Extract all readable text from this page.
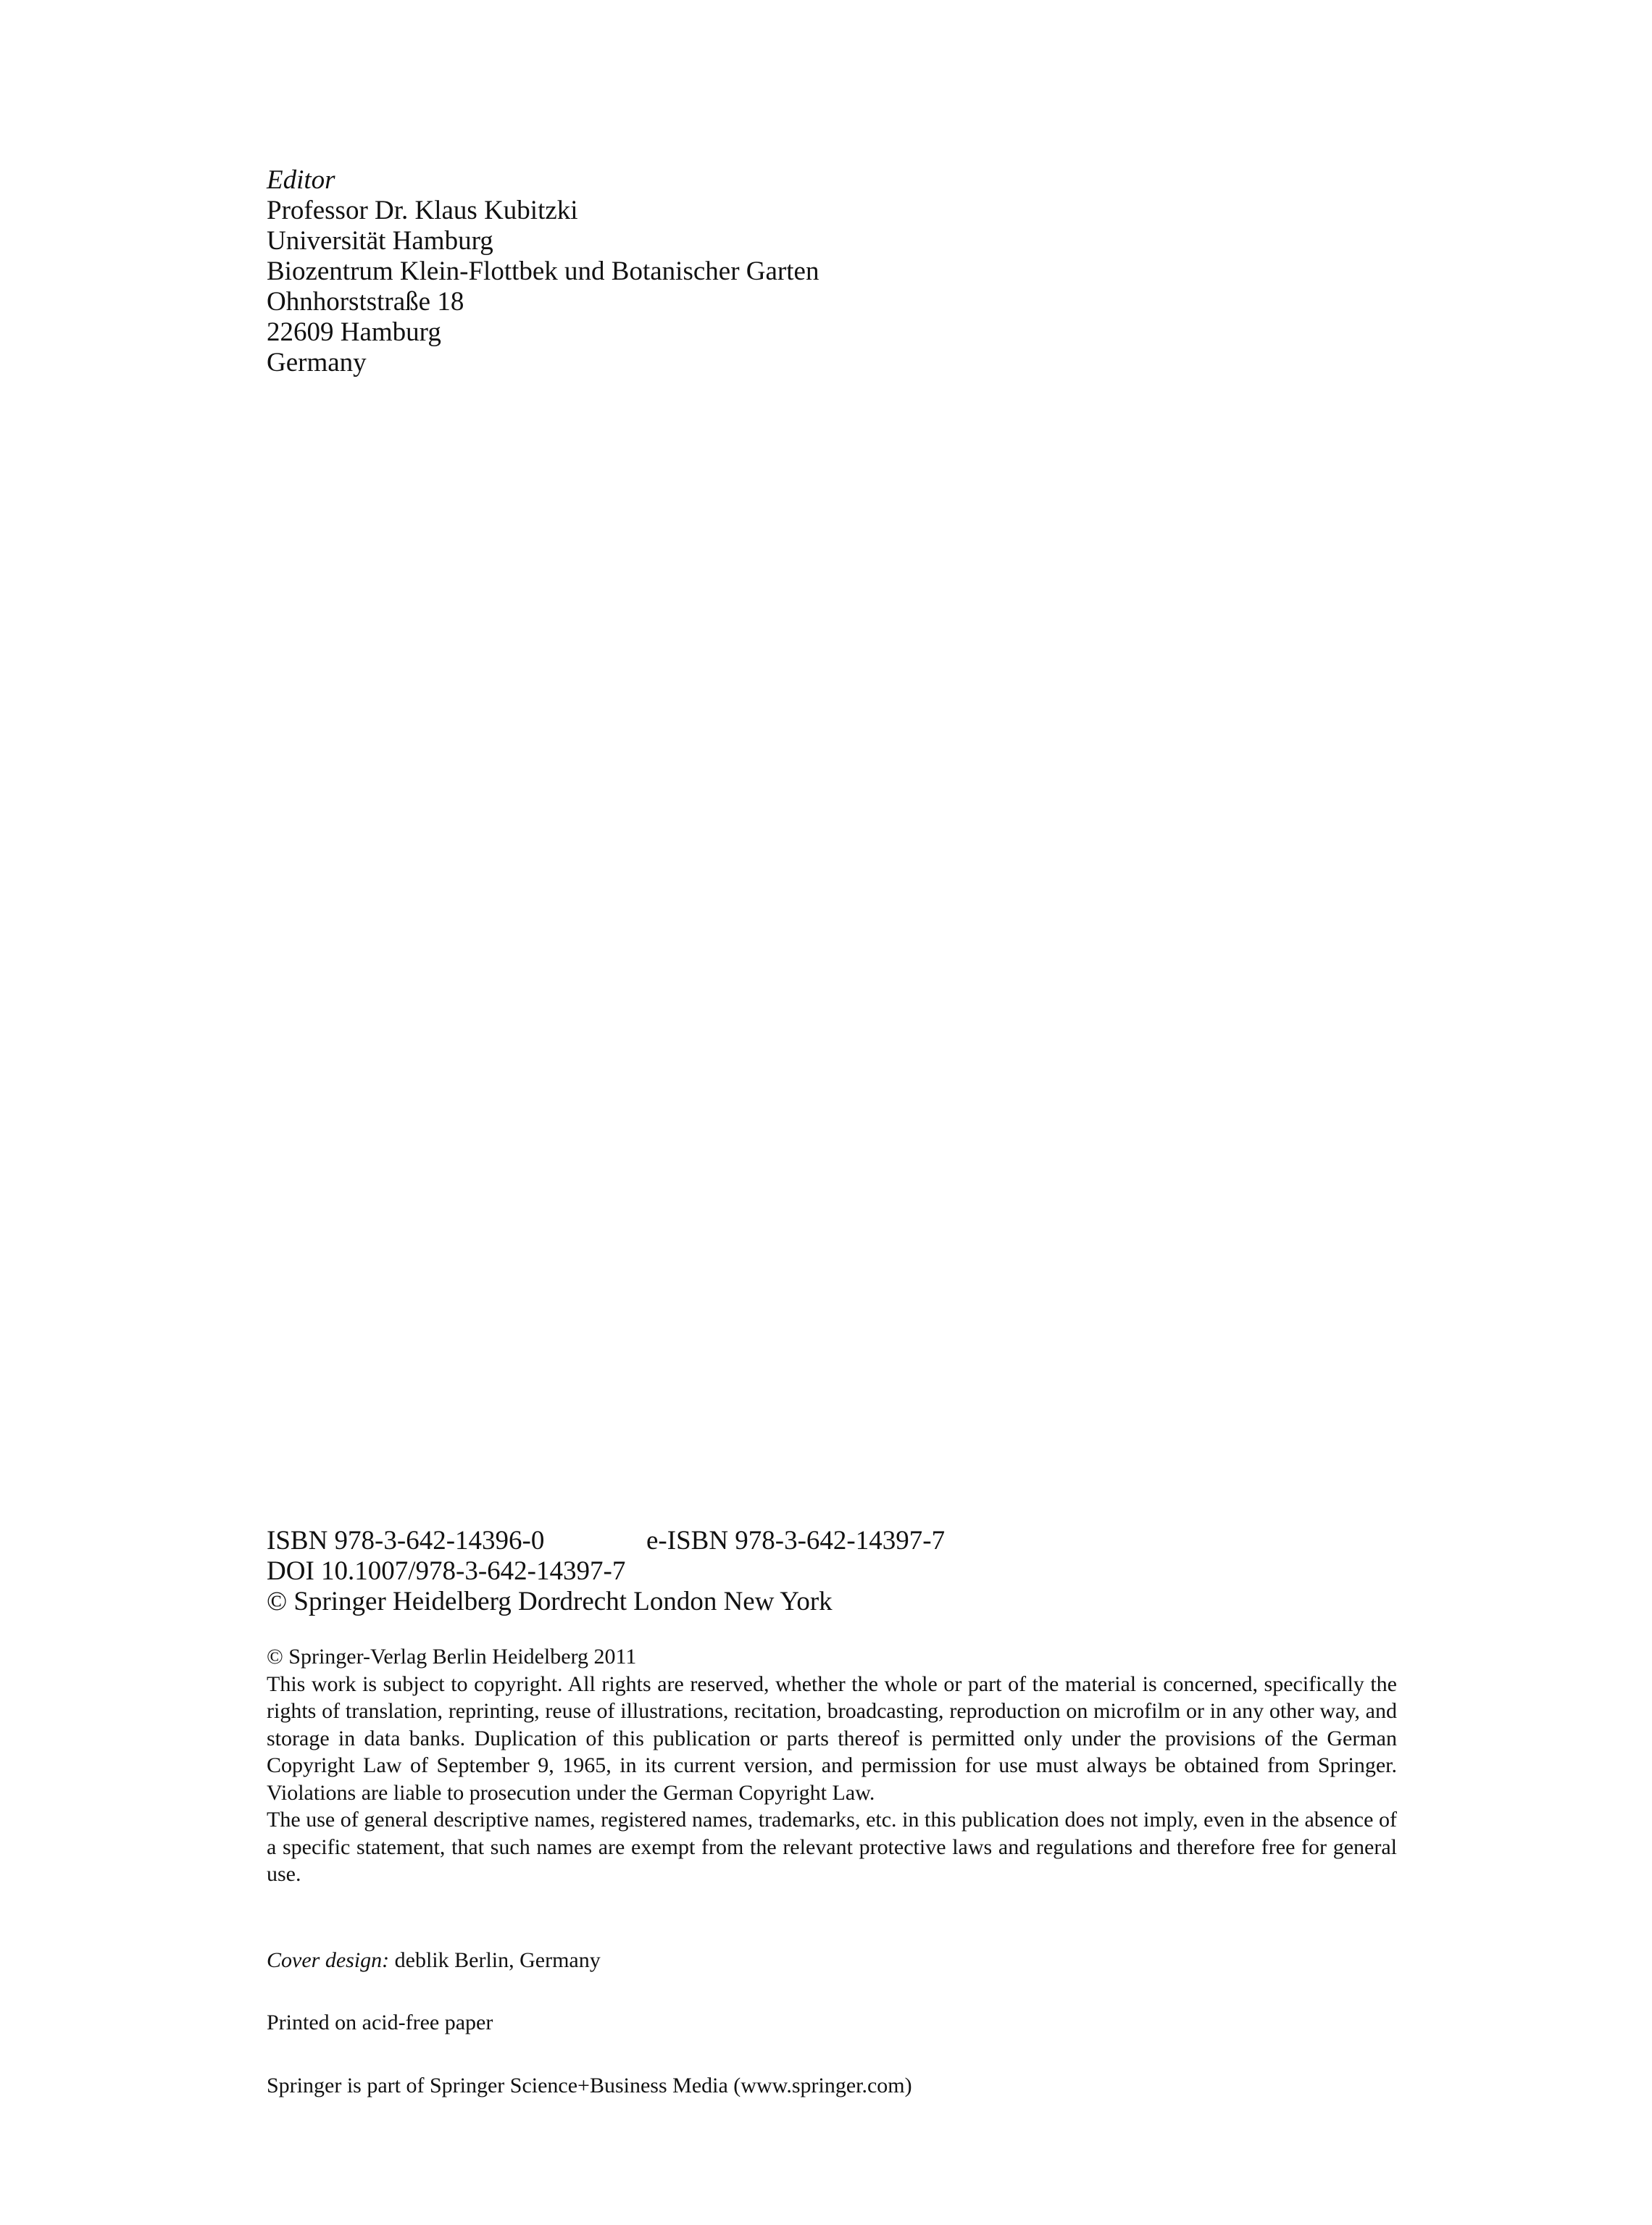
Editor
Professor Dr. Klaus Kubitzki
Universität Hamburg
Biozentrum Klein-Flottbek und Botanischer Garten
Ohnhorststraße 18
22609 Hamburg
Germany
ISBN 978-3-642-14396-0	e-ISBN 978-3-642-14397-7
DOI 10.1007/978-3-642-14397-7
© Springer Heidelberg Dordrecht London New York

© Springer-Verlag Berlin Heidelberg 2011

This work is subject to copyright. All rights are reserved, whether the whole or part of the material is concerned, specifically the rights of translation, reprinting, reuse of illustrations, recitation, broadcasting, reproduction on microfilm or in any other way, and storage in data banks. Duplication of this publication or parts thereof is permitted only under the provisions of the German Copyright Law of September 9, 1965, in its current version, and permission for use must always be obtained from Springer. Violations are liable to prosecution under the German Copyright Law.

The use of general descriptive names, registered names, trademarks, etc. in this publication does not imply, even in the absence of a specific statement, that such names are exempt from the relevant protective laws and regulations and therefore free for general use.

Cover design: deblik Berlin, Germany
Printed on acid-free paper
Springer is part of Springer Science+Business Media (www.springer.com)
